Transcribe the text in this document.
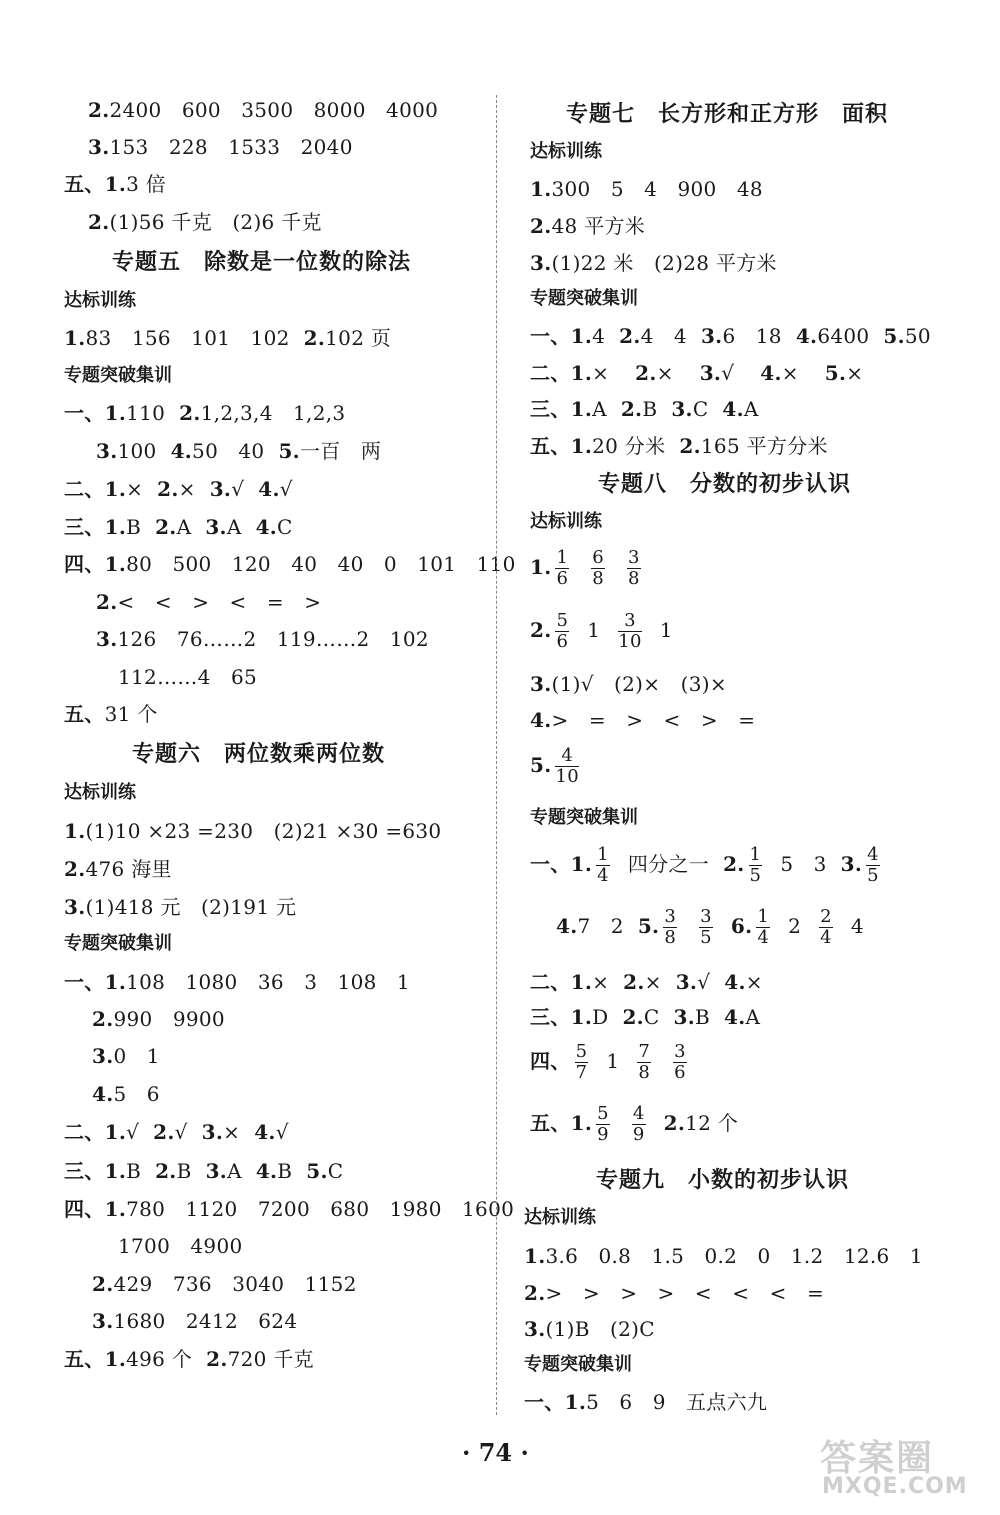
2.2400　600　3500　8000　4000
3.153　228　1533　2040
五、1.3 倍
2.(1)56 千克　(2)6 千克
专题五　除数是一位数的除法
达标训练
1.83　156　101　102 2.102 页
专题突破集训
一、1.110 2.1,2,3,4　1,2,3
3.100 4.50　40 5.一百　两
二、1.× 2.× 3.√ 4.√
三、1.B 2.A 3.A 4.C
四、1.80　500　120　40　40　0　101　110
2.<　<　>　<　=　>
3.126　76……2　119……2　102
112……4　65
五、31 个
专题六　两位数乘两位数
达标训练
1.(1)10 ×23 =230　(2)21 ×30 =630
2.476 海里
3.(1)418 元　(2)191 元
专题突破集训
一、1.108　1080　36　3　108　1
2.990　9900
3.0　1
4.5　6
二、1.√ 2.√ 3.× 4.√
三、1.B 2.B 3.A 4.B 5.C
四、1.780　1120　7200　680　1980　1600
1700　4900
2.429　736　3040　1152
3.1680　2412　624
五、1.496 个 2.720 千克
专题七　长方形和正方形　面积
达标训练
1.300　5　4　900　48
2.48 平方米
3.(1)22 米　(2)28 平方米
专题突破集训
一、1.4 2.4　4 3.6　18 4.6400 5.50
二、1.× 2.× 3.√ 4.× 5.×
三、1.A 2.B 3.C 4.A
五、1.20 分米 2.165 平方分米
专题八　分数的初步认识
达标训练
1. $\frac{1}{6} \frac{6}{8} \frac{3}{8}$
2. $\frac{5}{6} 1 \frac{3}{10} 1$
3.(1)√　(2)×　(3)×
4.>　=　>　<　>　=
5. $\frac{4}{10}$
专题突破集训
一、1. $\frac{1}{4}$ 四分之一 2. $\frac{1}{5} 5$　3 3. $\frac{4}{5}$
4.7　2 5. $\frac{3}{8} \frac{3}{5} 6$. $\frac{1}{4} 2 \frac{2}{4} 4$
二、1.× 2.× 3.√ 4.×
三、1.D 2.C 3.B 4.A
四、 $\frac{5}{7} 1 \frac{7}{8} \frac{3}{6}$
五、1. $\frac{5}{9} \frac{4}{9} 2.12$ 个
专题九　小数的初步认识
达标训练
1.3.6　0.8　1.5　0.2　0　1.2　12.6　1
2.>　>　>　>　<　<　<　=
3.(1)B　(2)C
专题突破集训
一、1.5　6　9　五点六九
· 74 ·	答案圈
MXQE.COM
